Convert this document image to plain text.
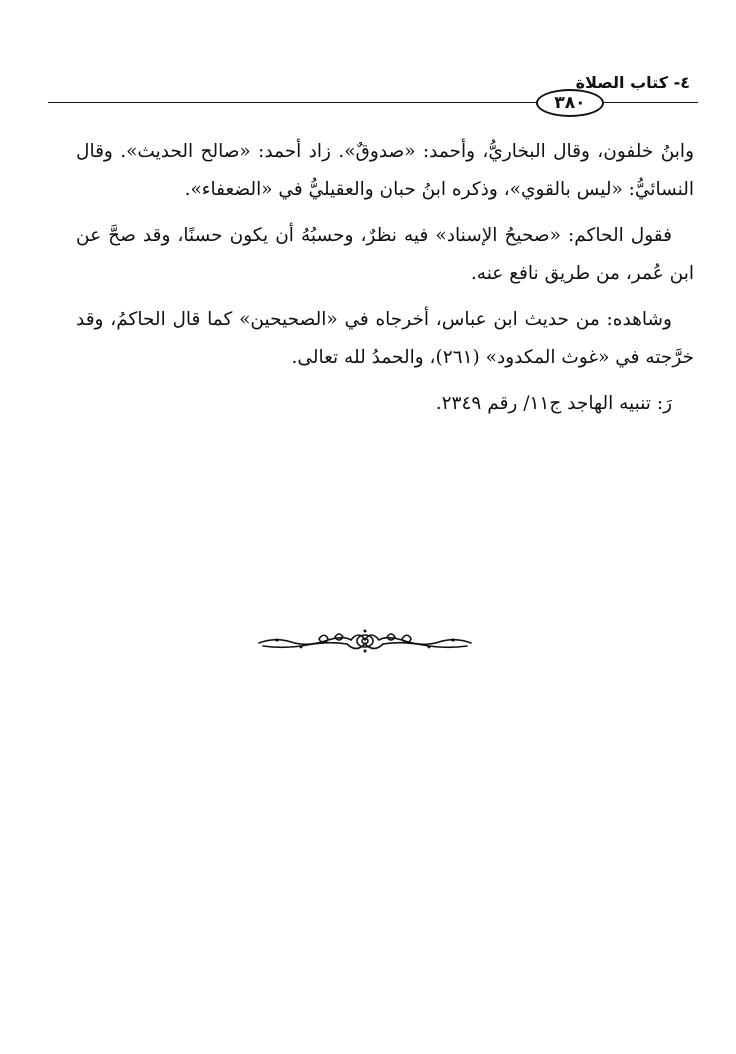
٤- كتاب الصلاة
٣٨٠

وابنُ خلفون، وقال البخاريُّ، وأحمد: «صدوقٌ». زاد أحمد: «صالح الحديث». وقال النسائيُّ: «ليس بالقوي»، وذكره ابنُ حبان والعقيليُّ في «الضعفاء».

فقول الحاكم: «صحيحُ الإسناد» فيه نظرٌ، وحسبُهُ أن يكون حسنًا، وقد صحَّ عن ابن عُمر، من طريق نافع عنه.

وشاهده: من حديث ابن عباس، أخرجاه في «الصحيحين» كما قال الحاكمُ، وقد خرَّجته في «غوث المكدود» (٢٦١)، والحمدُ لله تعالى.

رَ: تنبيه الهاجد ج١١/ رقم ٢٣٤٩.
